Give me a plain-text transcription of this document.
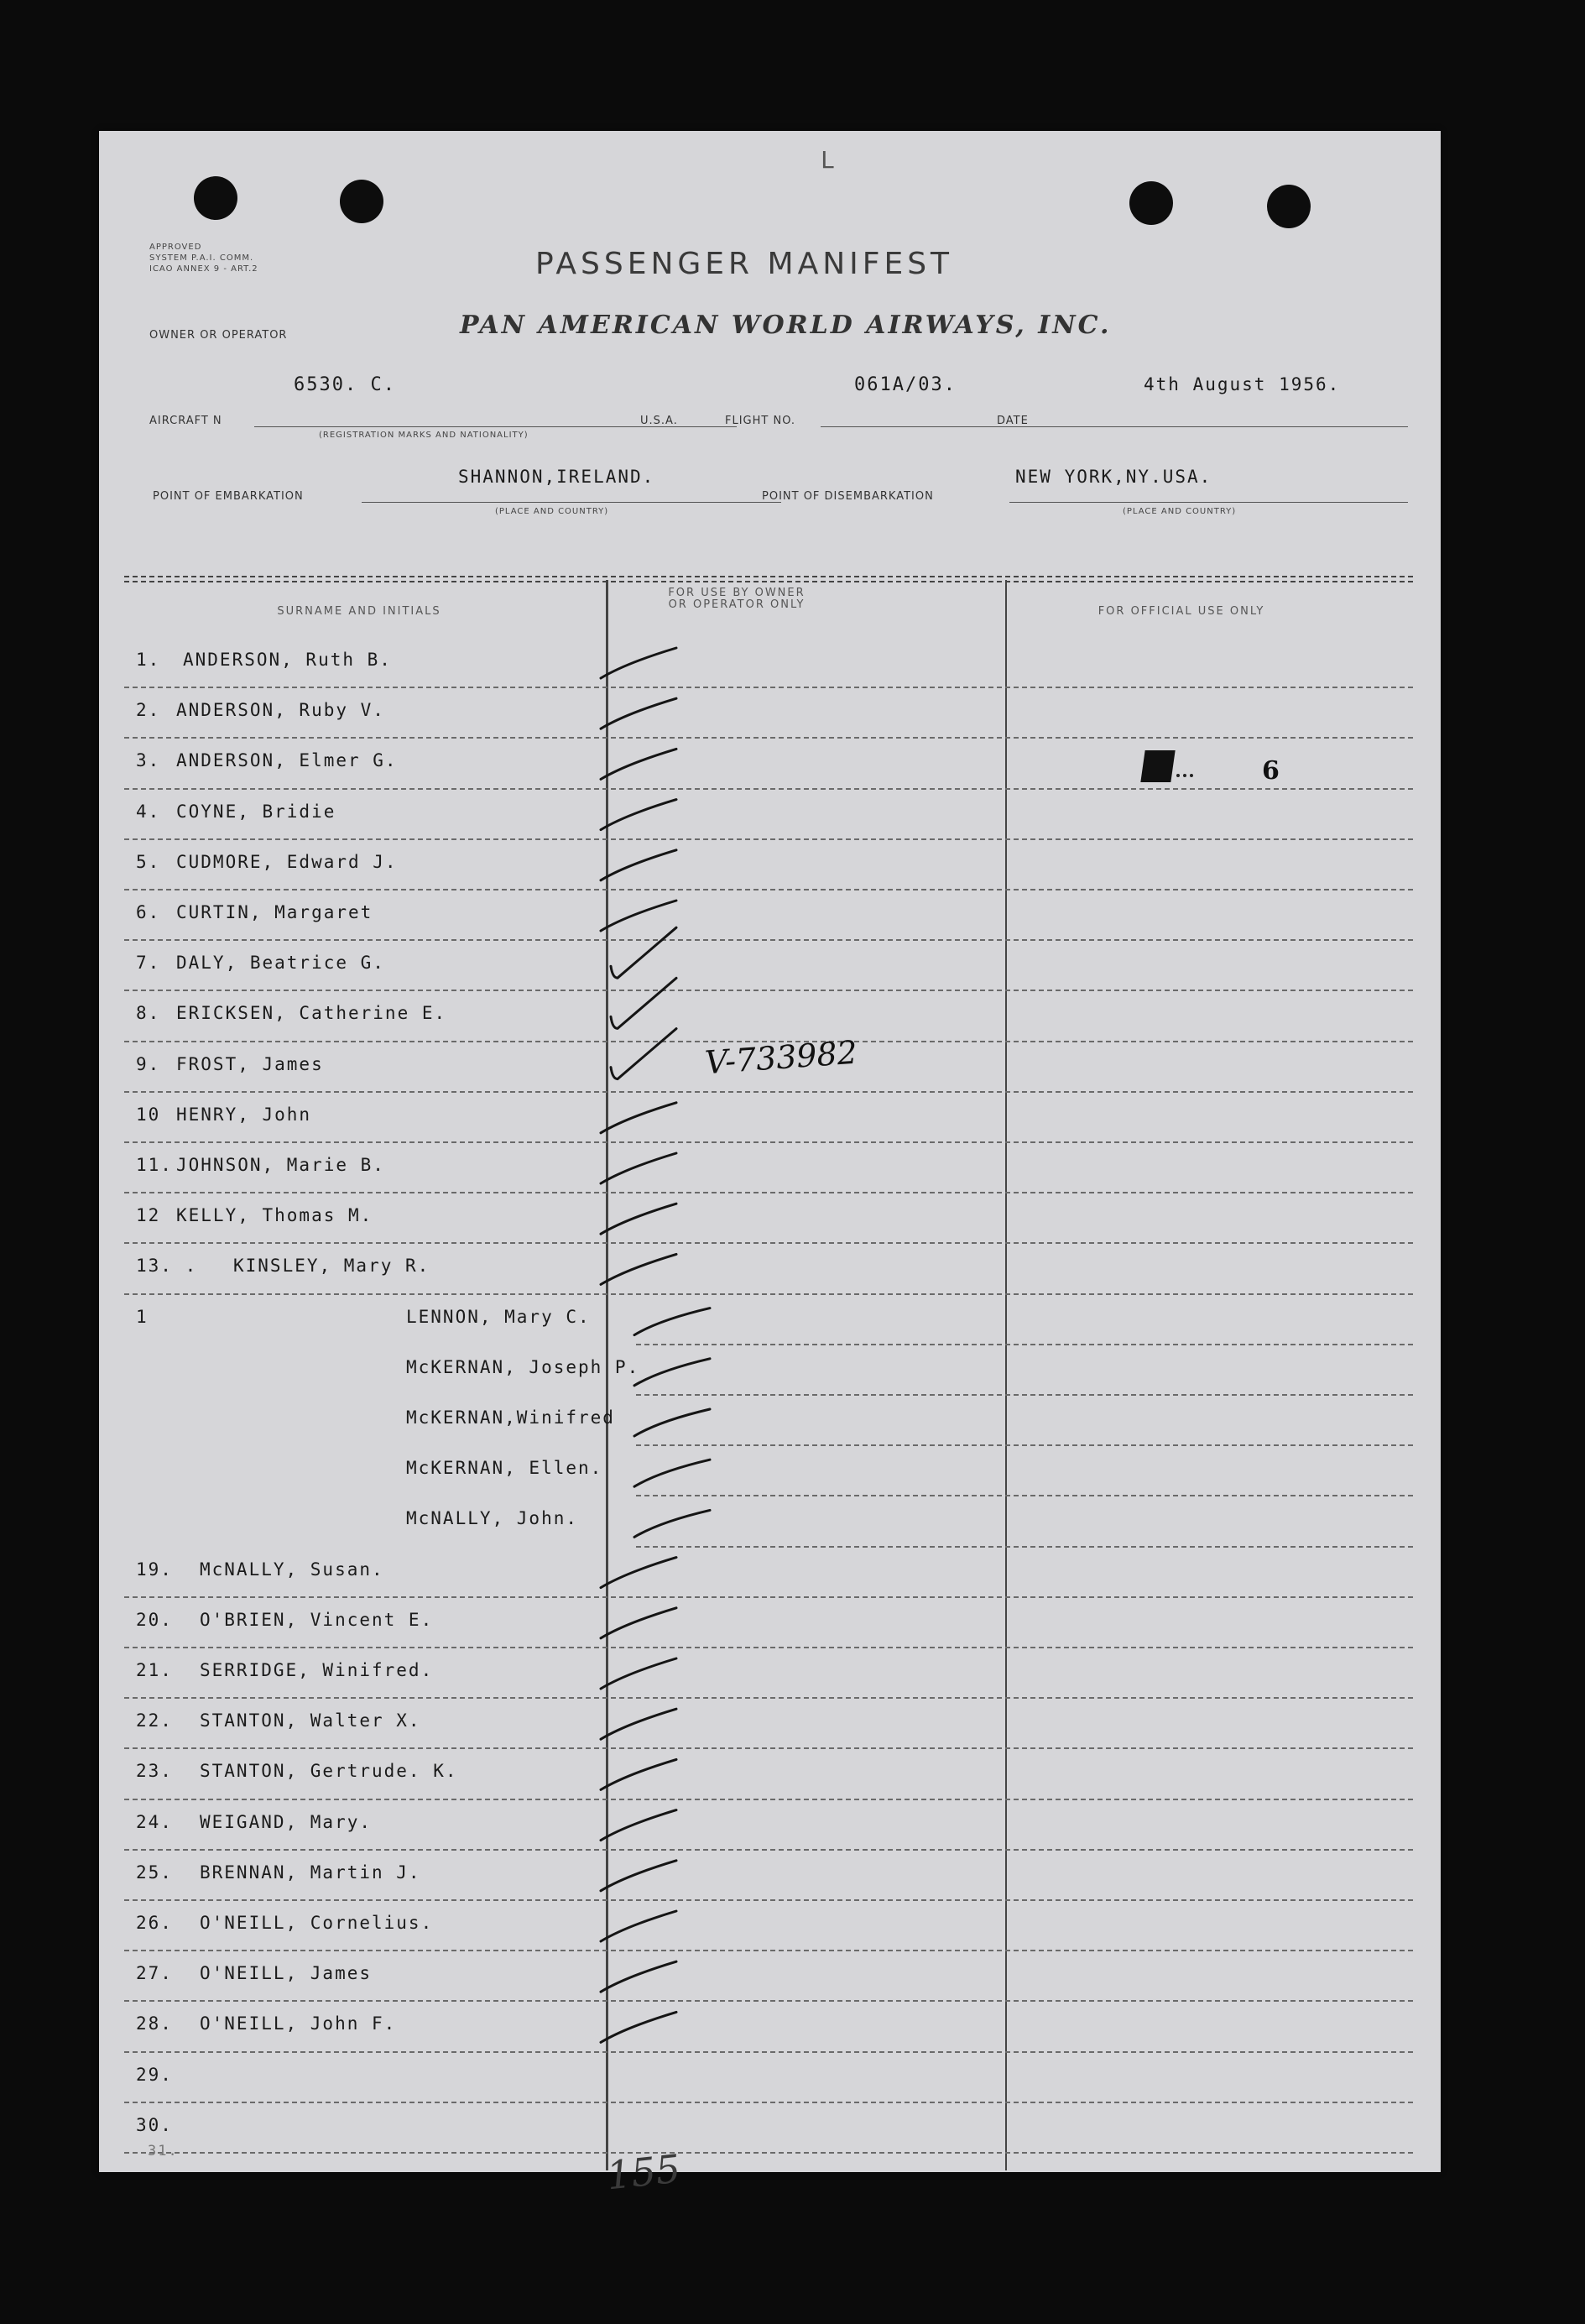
L
APPROVED
SYSTEM P.A.I. COMM.
ICAO ANNEX 9 - ART.2	PASSENGER MANIFEST
OWNER OR OPERATOR	PAN AMERICAN WORLD AIRWAYS, INC.
6530. C.	061A/03.	4th August 1956.
AIRCRAFT N	U.S.A.	FLIGHT NO.	DATE
(REGISTRATION MARKS AND NATIONALITY)
SHANNON,IRELAND.	NEW YORK,NY.USA.
POINT OF EMBARKATION	POINT OF DISEMBARKATION
(PLACE AND COUNTRY)	(PLACE AND COUNTRY)
SURNAME AND INITIALS
FOR USE BY OWNER
OR OPERATOR ONLY
FOR OFFICIAL USE ONLY
1. ANDERSON, Ruth B.
2. ANDERSON, Ruby V.
3. ANDERSON, Elmer G.
4. COYNE, Bridie
5. CUDMORE, Edward J.
6. CURTIN, Margaret
7. DALY, Beatrice G.
8. ERICKSEN, Catherine E.
9. FROST, James
10 HENRY, John
11. JOHNSON, Marie B.
12 KELLY, Thomas M.
13. . KINSLEY, Mary R.
1	LENNON, Mary C.
McKERNAN, Joseph P.
McKERNAN,Winifred
McKERNAN, Ellen.
McNALLY, John.
19. McNALLY, Susan.
20. O'BRIEN, Vincent E.
21. SERRIDGE, Winifred.
22. STANTON, Walter X.
23. STANTON, Gertrude. K.
24. WEIGAND, Mary.
25. BRENNAN, Martin J.
26. O'NEILL, Cornelius.
27. O'NEILL, James
28. O'NEILL, John F.
29.
30.
31.
6
V-733982
155
